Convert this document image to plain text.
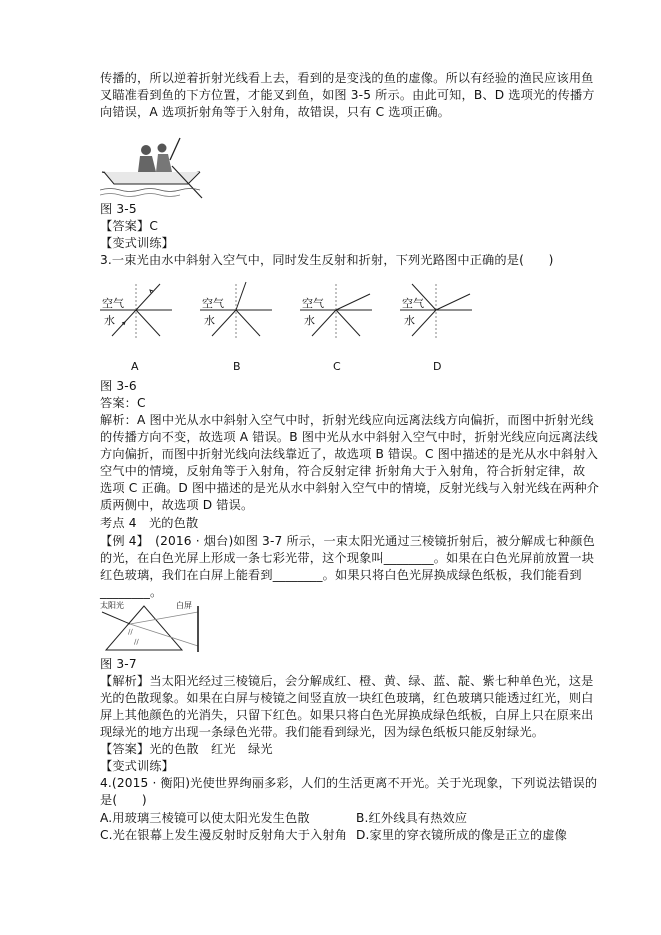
传播的，所以逆着折射光线看上去，看到的是变浅的鱼的虚像。所以有经验的渔民应该用鱼
叉瞄准看到鱼的下方位置，才能叉到鱼，如图 3-5 所示。由此可知，B、D 选项光的传播方
向错误，A 选项折射角等于入射角，故错误，只有 C 选项正确。
图 3-5
【答案】C
【变式训练】
3.一束光由水中斜射入空气中，同时发生反射和折射，下列光路图中正确的是(　　)
空气
水
空气
水
空气
水
空气
水
A	B	C	D
图 3-6
答案：C
解析：A 图中光从水中斜射入空气中时，折射光线应向远离法线方向偏折，而图中折射光线
的传播方向不变，故选项 A 错误。B 图中光从水中斜射入空气中时，折射光线应向远离法线
方向偏折，而图中折射光线向法线靠近了，故选项 B 错误。C 图中描述的是光从水中斜射入
空气中的情境，反射角等于入射角，符合反射定律 折射角大于入射角，符合折射定律，故
选项 C 正确。D 图中描述的是光从水中斜射入空气中的情境，反射光线与入射光线在两种介
质两侧中，故选项 D 错误。
考点 4　光的色散
【例 4】　(2016 · 烟台)如图 3-7 所示，一束太阳光通过三棱镜折射后，被分解成七种颜色
的光，在白色光屏上形成一条七彩光带，这个现象叫________。如果在白色光屏前放置一块
红色玻璃，我们在白屏上能看到________。如果只将白色光屏换成绿色纸板，我们能看到
________。
∕∕
∕∕
太阳光	白屏
图 3-7
【解析】当太阳光经过三棱镜后，会分解成红、橙、黄、绿、蓝、靛、紫七种单色光，这是
光的色散现象。如果在白屏与棱镜之间竖直放一块红色玻璃，红色玻璃只能透过红光，则白
屏上其他颜色的光消失，只留下红色。如果只将白色光屏换成绿色纸板，白屏上只在原来出
现绿光的地方出现一条绿色光带。我们能看到绿光，因为绿色纸板只能反射绿光。
【答案】光的色散　红光　绿光
【变式训练】
4.(2015 · 衡阳)光使世界绚丽多彩，人们的生活更离不开光。关于光现象，下列说法错误的
是(　　)
A.用玻璃三棱镜可以使太阳光发生色散	B.红外线具有热效应
C.光在银幕上发生漫反射时反射角大于入射角 D.家里的穿衣镜所成的像是正立的虚像
